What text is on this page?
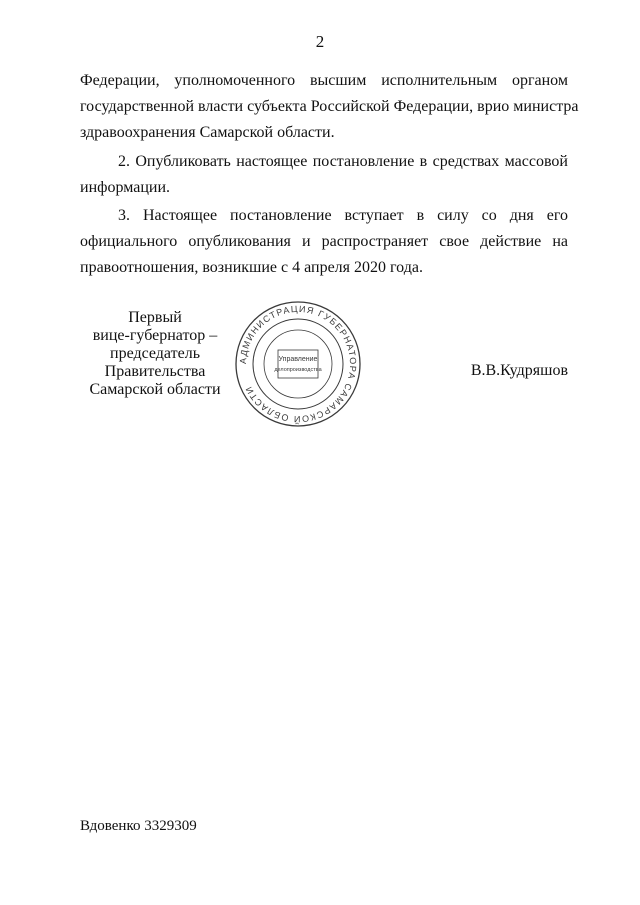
2
Федерации, уполномоченного высшим исполнительным органом
государственной власти субъекта Российской Федерации, врио министра
здравоохранения Самарской области.
2. Опубликовать настоящее постановление в средствах массовой
информации.
3. Настоящее постановление вступает в силу со дня его
официального опубликования и распространяет свое действие на
правоотношения, возникшие с 4 апреля 2020 года.
Первый
вице-губернатор –
председатель Правительства
Самарской области
АДМИНИСТРАЦИЯ ГУБЕРНАТОРА САМАРСКОЙ ОБЛАСТИ
Управление
делопроизводства	В.В.Кудряшов
Вдовенко 3329309
